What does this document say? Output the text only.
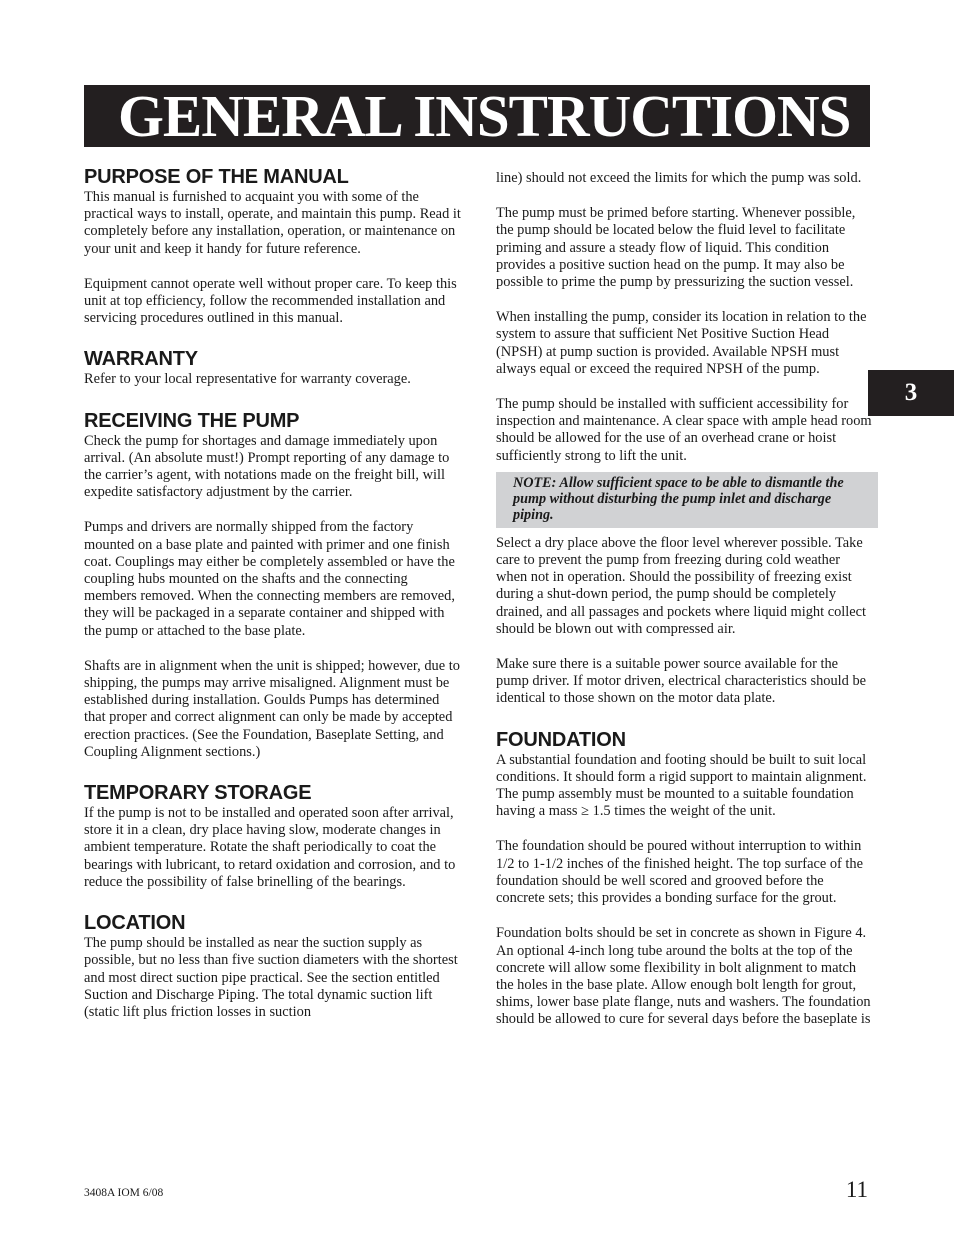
GENERAL INSTRUCTIONS
3
PURPOSE OF THE MANUAL

This manual is furnished to acquaint you with some of the practical ways to install, operate, and maintain this pump. Read it completely before any installation, operation, or maintenance on your unit and keep it handy for future reference.

Equipment cannot operate well without proper care. To keep this unit at top efficiency, follow the recommended installation and servicing procedures outlined in this manual.

WARRANTY

Refer to your local representative for warranty coverage.

RECEIVING THE PUMP

Check the pump for shortages and damage immediately upon arrival. (An absolute must!) Prompt reporting of any damage to the carrier’s agent, with notations made on the freight bill, will expedite satisfactory adjustment by the carrier.

Pumps and drivers are normally shipped from the factory mounted on a base plate and painted with primer and one finish coat. Couplings may either be completely assembled or have the coupling hubs mounted on the shafts and the connecting members removed. When the connecting members are removed, they will be packaged in a separate container and shipped with the pump or attached to the base plate.

Shafts are in alignment when the unit is shipped; however, due to shipping, the pumps may arrive misaligned. Alignment must be established during installation. Goulds Pumps has determined that proper and correct alignment can only be made by accepted erection practices. (See the Foundation, Baseplate Setting, and Coupling Alignment sections.)

TEMPORARY STORAGE

If the pump is not to be installed and operated soon after arrival, store it in a clean, dry place having slow, moderate changes in ambient temperature. Rotate the shaft periodically to coat the bearings with lubricant, to retard oxidation and corrosion, and to reduce the possibility of false brinelling of the bearings.

LOCATION

The pump should be installed as near the suction supply as possible, but no less than five suction diameters with the shortest and most direct suction pipe practical. See the section entitled Suction and Discharge Piping. The total dynamic suction lift (static lift plus friction losses in suction

line) should not exceed the limits for which the pump was sold.

The pump must be primed before starting. Whenever possible, the pump should be located below the fluid level to facilitate priming and assure a steady flow of liquid. This condition provides a positive suction head on the pump. It may also be possible to prime the pump by pressurizing the suction vessel.

When installing the pump, consider its location in relation to the system to assure that sufficient Net Positive Suction Head (NPSH) at pump suction is provided. Available NPSH must always equal or exceed the required NPSH of the pump.

The pump should be installed with sufficient accessibility for inspection and maintenance. A clear space with ample head room should be allowed for the use of an overhead crane or hoist sufficiently strong to lift the unit.

NOTE: Allow sufficient space to be able to dismantle the pump without disturbing the pump inlet and discharge piping.

Select a dry place above the floor level wherever possible. Take care to prevent the pump from freezing during cold weather when not in operation. Should the possibility of freezing exist during a shut-down period, the pump should be completely drained, and all passages and pockets where liquid might collect should be blown out with compressed air.

Make sure there is a suitable power source available for the pump driver. If motor driven, electrical characteristics should be identical to those shown on the motor data plate.

FOUNDATION

A substantial foundation and footing should be built to suit local conditions. It should form a rigid support to maintain alignment. The pump assembly must be mounted to a suitable foundation having a mass ≥ 1.5 times the weight of the unit.

The foundation should be poured without interruption to within 1/2 to 1-1/2 inches of the finished height. The top surface of the foundation should be well scored and grooved before the concrete sets; this provides a bonding surface for the grout.

Foundation bolts should be set in concrete as shown in Figure 4. An optional 4-inch long tube around the bolts at the top of the concrete will allow some flexibility in bolt alignment to match the holes in the base plate. Allow enough bolt length for grout, shims, lower base plate flange, nuts and washers. The foundation should be allowed to cure for several days before the baseplate is

3408A IOM 6/08	11
